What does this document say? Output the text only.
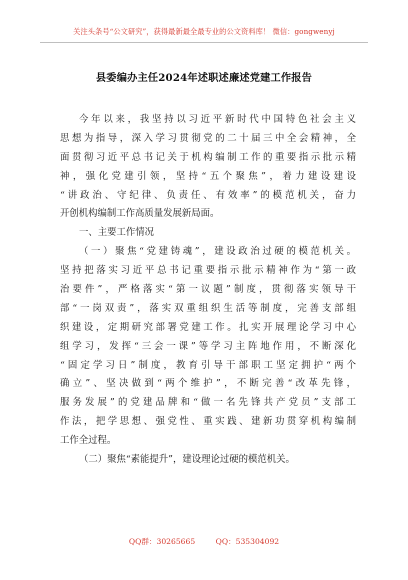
关注头条号“公文研究”，获得最新最全最专业的公文资料库！ 微信：gongwenyj
县委编办主任2024年述职述廉述党建工作报告
今年以来，我坚持以习近平新时代中国特色社会主义
思想为指导，深入学习贯彻党的二十届三中全会精神，全
面贯彻习近平总书记关于机构编制工作的重要指示批示精
神，强化党建引领，坚持“五个聚焦”，着力建设建设
“讲政治、守纪律、负责任、有效率”的模范机关，奋力
开创机构编制工作高质量发展新局面。
一、主要工作情况
（一）聚焦“党建铸魂”，建设政治过硬的模范机关。
坚持把落实习近平总书记重要指示批示精神作为“第一政
治要件”，严格落实“第一议题”制度，贯彻落实领导干
部“一岗双责”，落实双重组织生活等制度，完善支部组
织建设，定期研究部署党建工作。扎实开展理论学习中心
组学习，发挥“三会一课”等学习主阵地作用，不断深化
“固定学习日”制度，教育引导干部职工坚定拥护“两个
确立”、坚决做到“两个维护”，不断完善“改革先锋，
服务发展”的党建品牌和“做一名先锋共产党员”支部工
作法，把学思想、强党性、重实践、建新功贯穿机构编制
工作全过程。
（二）聚焦“素能提升”，建设理论过硬的模范机关。
QQ群：30265665	QQ：535304092
